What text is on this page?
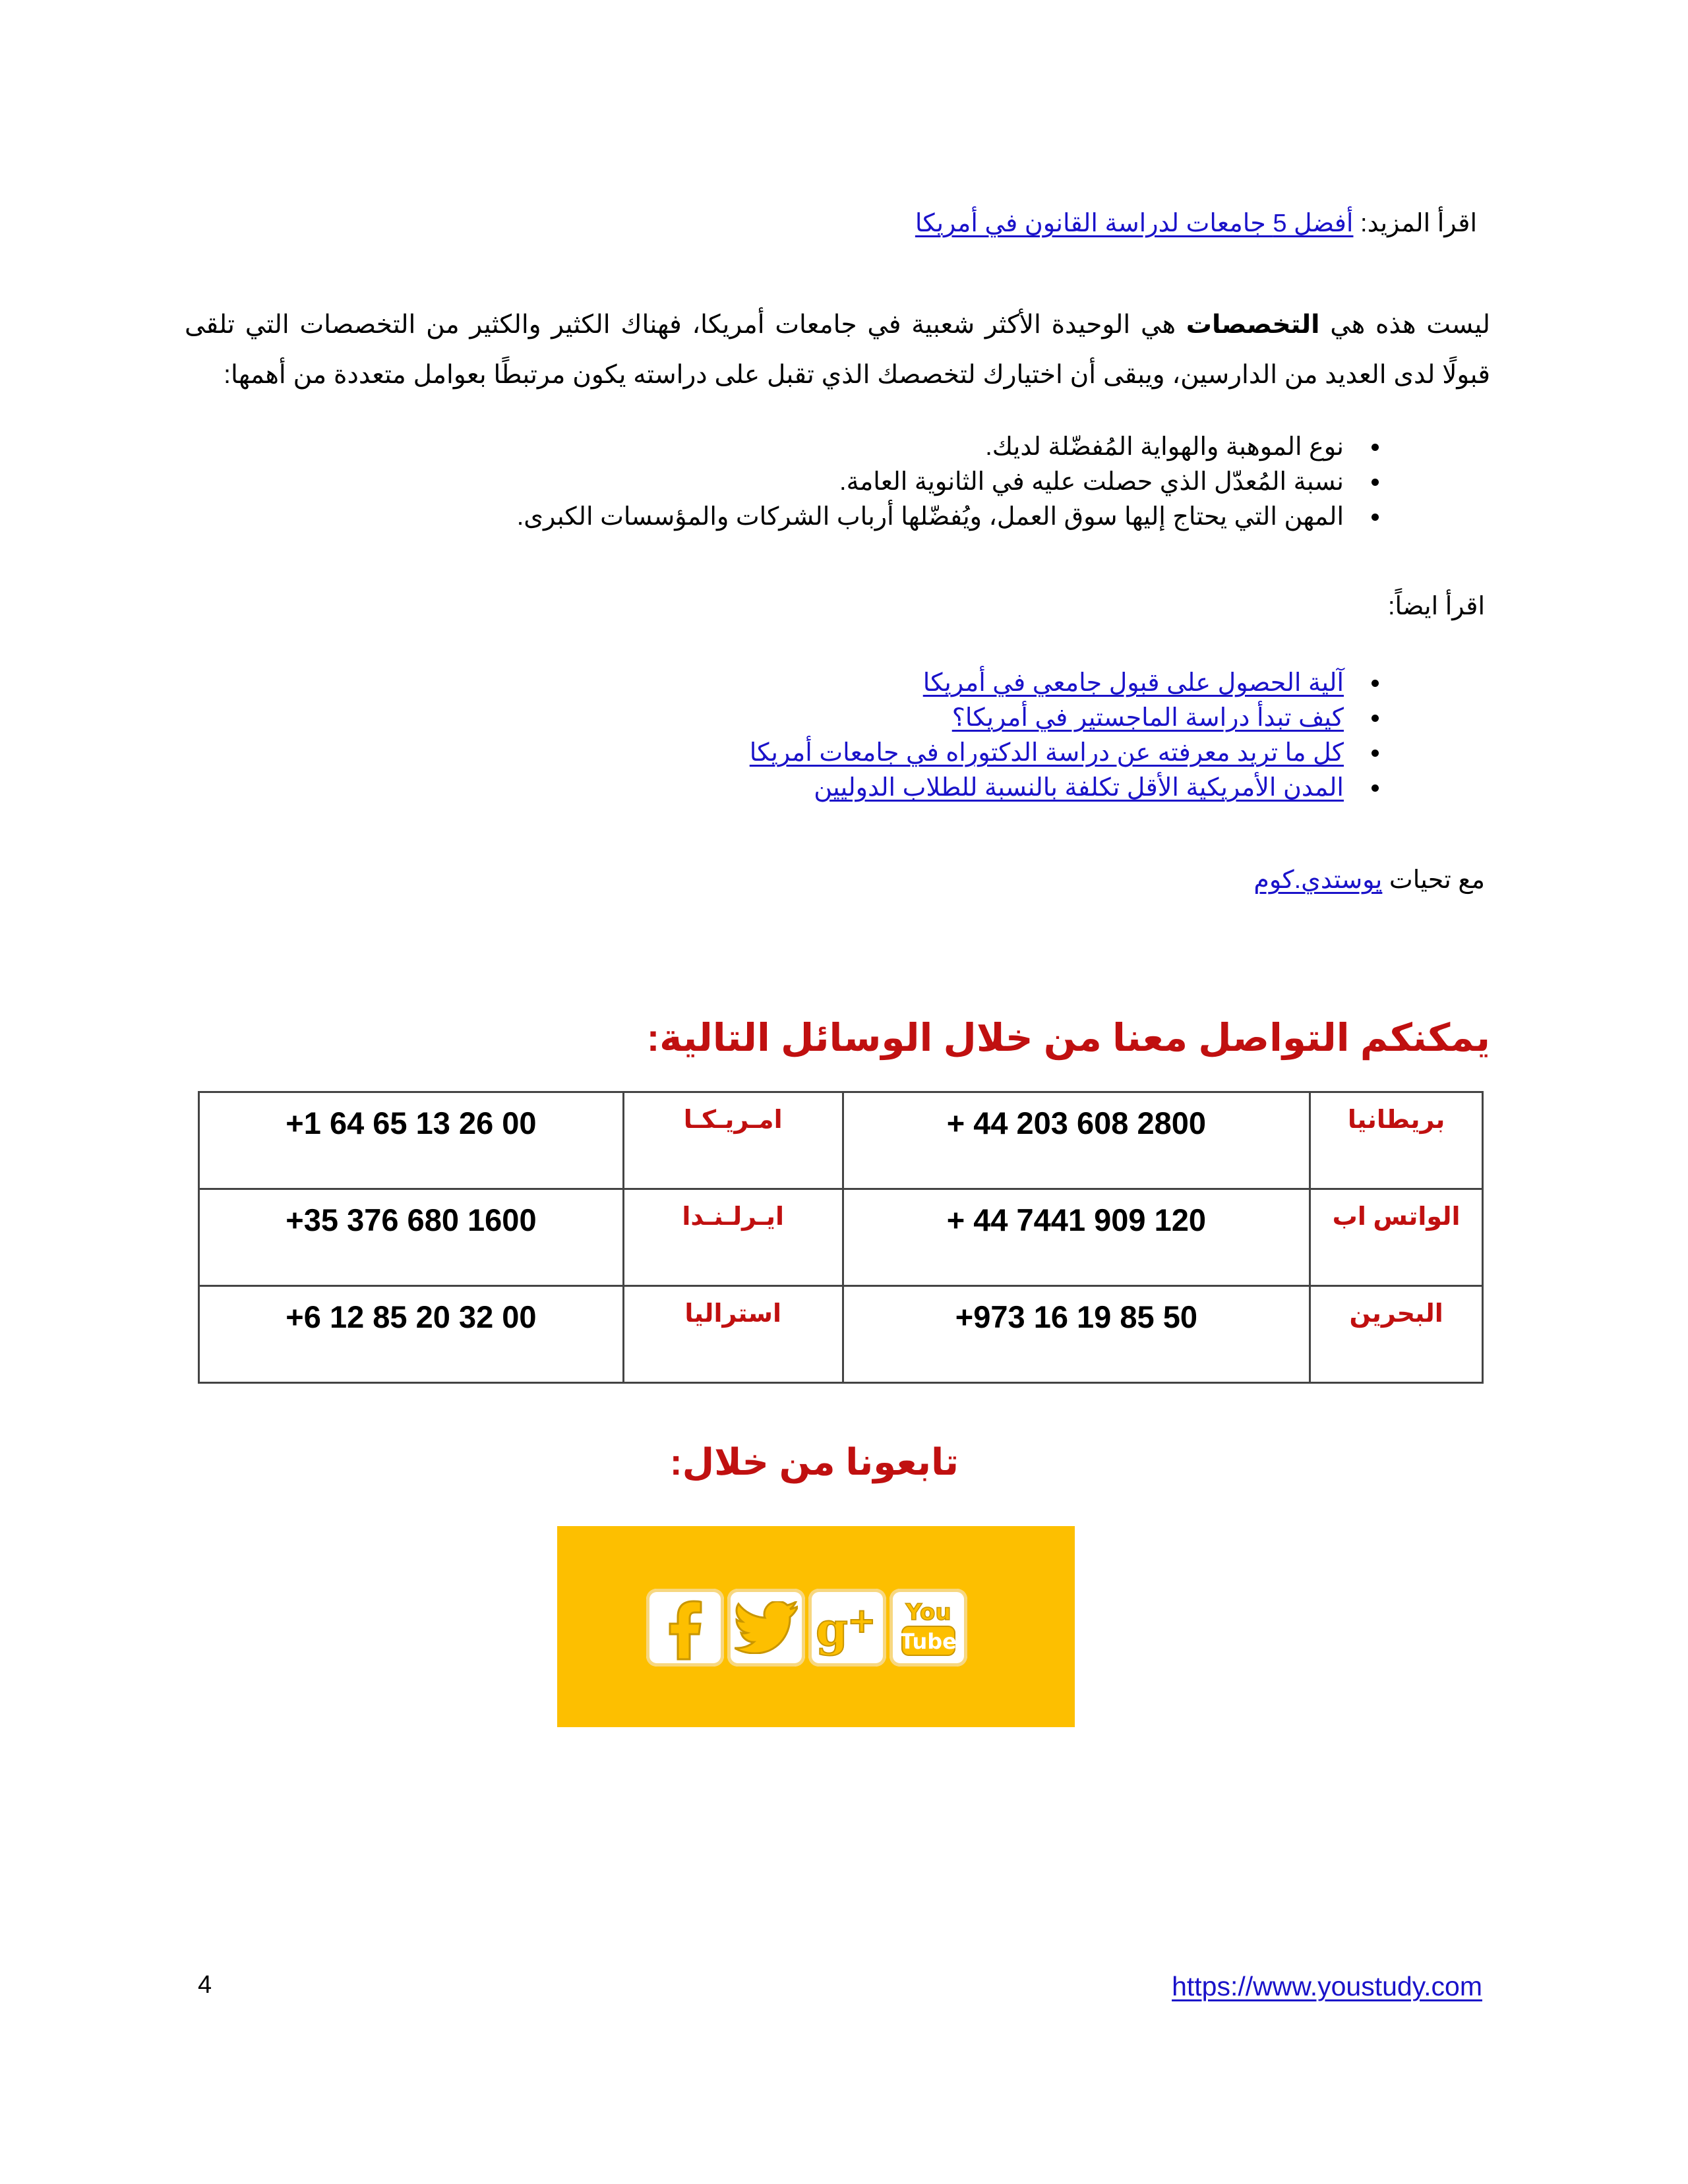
اقرأ المزيد: أفضل 5 جامعات لدراسة القانون في أمريكا

ليست هذه هي التخصصات هي الوحيدة الأكثر شعبية في جامعات أمريكا، فهناك الكثير والكثير من التخصصات التي تلقى قبولًا لدى العديد من الدارسين، ويبقى أن اختيارك لتخصصك الذي تقبل على دراسته يكون مرتبطًا بعوامل متعددة من أهمها:

• نوع الموهبة والهواية المُفضّلة لديك.
• نسبة المُعدّل الذي حصلت عليه في الثانوية العامة.
• المهن التي يحتاج إليها سوق العمل، ويُفضّلها أرباب الشركات والمؤسسات الكبرى.
اقرأ ايضاً:
• آلية الحصول على قبول جامعي في أمريكا
• كيف تبدأ دراسة الماجستير في أمريكا؟
• كل ما تريد معرفته عن دراسة الدكتوراه في جامعات أمريكا
• المدن الأمريكية الأقل تكلفة بالنسبة للطلاب الدوليين
مع تحيات يوستدي.كوم
يمكنكم التواصل معنا من خلال الوسائل التالية:
بريطانيا	+ 44 203 608 2800	امـريـكـا	+1 64 65 13 26 00
الواتس اب	+ 44 7441 909 120	ايـرلـنـدا	+35 376 680 1600
البحرين	+973 16 19 85 50	استراليا	+6 12 85 20 32 00
تابعونا من خلال:
g + You
Tube
4	https://www.youstudy.com
